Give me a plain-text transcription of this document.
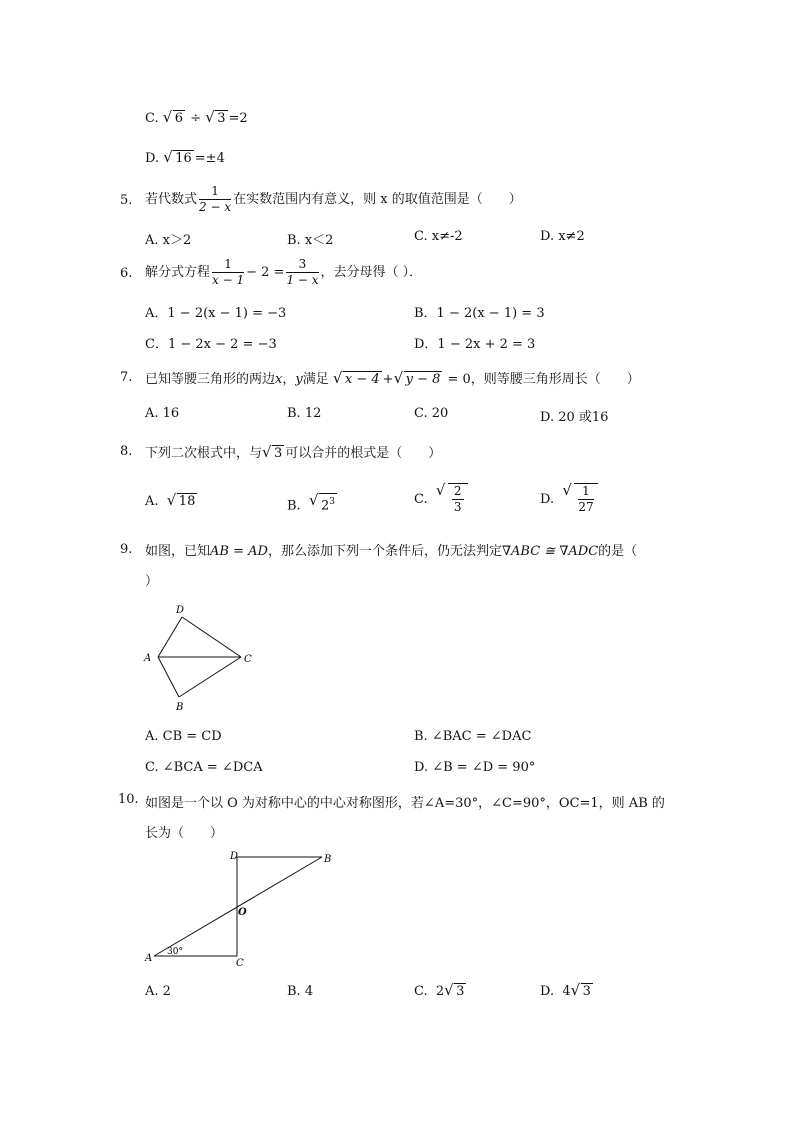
C. √ 6 ÷ √ 3 =2
D. √ 16 =±4
5. 若代数式 $\frac{1}{2 - x}$ 在实数范围内有意义，则 x 的取值范围是（　　）
A. x＞2	B. x＜2	C. x≠-2	D. x≠2
6. 解分式方程 $\frac{1}{x - 1} - 2 = \frac{3}{1 - x}$ ，去分母得（ ）．
A．1 − 2(x − 1) = −3	B．1 − 2(x − 1) = 3
C．1 − 2x − 2 = −3	D．1 − 2x + 2 = 3
7. 已知等腰三角形的两边x，y满足 √ x − 4 + √ y − 8 = 0，则等腰三角形周长（　　）
A. 16	B. 12	C. 20	D. 20 或16
8. 下列二次根式中，与 √ 3 可以合并的根式是（　　）
A. √ 18	B. √ $2^3$	C. √ $\frac{2}{3}$	D. √ $\frac{1}{27}$
9. 如图，已知AB = AD，那么添加下列一个条件后，仍无法判定∇ABC ≅ ∇ADC的是（
）
D
A	C
B
A. CB = CD	B. ∠BAC = ∠DAC
C. ∠BCA = ∠DCA	D. ∠B = ∠D = 90°
10. 如图是一个以 O 为对称中心的中心对称图形，若∠A=30°，∠C=90°，OC=1，则 AB 的
长为（　　）
D	B
O
A	C
30°
A. 2	B. 4	C. 2 √ 3	D. 4 √ 3
